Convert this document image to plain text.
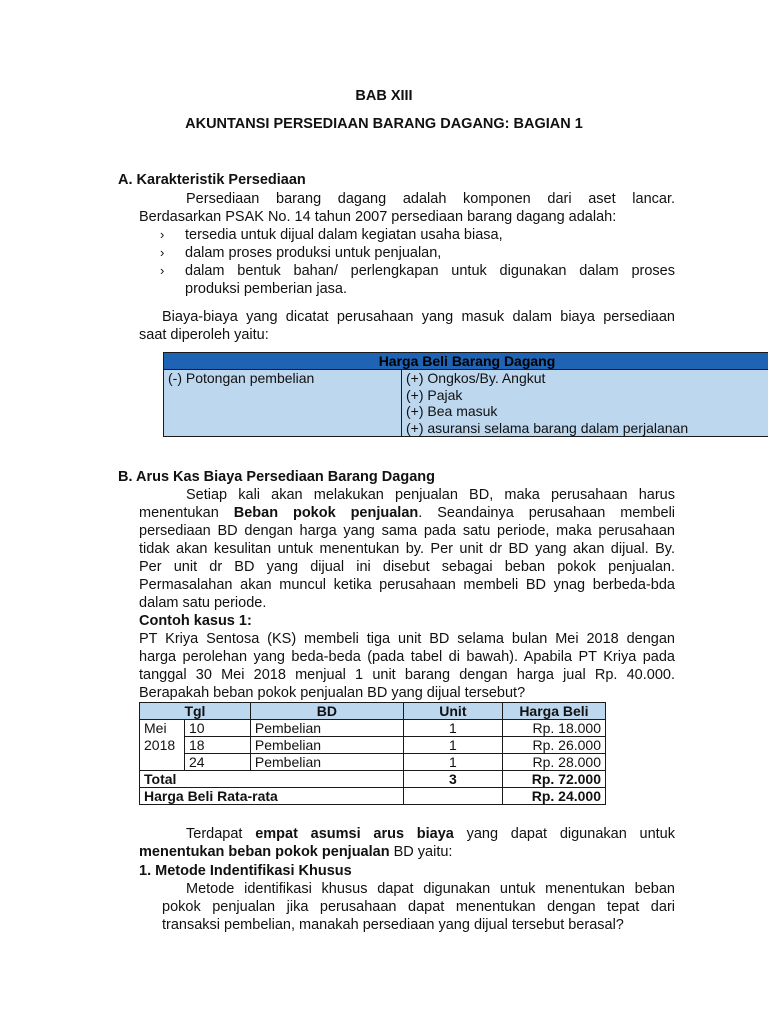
BAB XIII
AKUNTANSI PERSEDIAAN BARANG DAGANG: BAGIAN 1
A. Karakteristik Persediaan
Persediaan barang dagang adalah komponen dari aset lancar.
Berdasarkan PSAK No. 14 tahun 2007 persediaan barang dagang adalah:
› tersedia untuk dijual dalam kegiatan usaha biasa,
› dalam proses produksi untuk penjualan,
› dalam bentuk bahan/ perlengkapan untuk digunakan dalam proses
produksi pemberian jasa.
Biaya-biaya yang dicatat perusahaan yang masuk dalam biaya persediaan
saat diperoleh yaitu:
Harga Beli Barang Dagang
(-) Potongan pembelian	(+) Ongkos/By. Angkut
(+) Pajak
(+) Bea masuk
(+) asuransi selama barang dalam perjalanan
B. Arus Kas Biaya Persediaan Barang Dagang
Setiap kali akan melakukan penjualan BD, maka perusahaan harus
menentukan Beban pokok penjualan. Seandainya perusahaan membeli
persediaan BD dengan harga yang sama pada satu periode, maka perusahaan
tidak akan kesulitan untuk menentukan by. Per unit dr BD yang akan dijual. By.
Per unit dr BD yang dijual ini disebut sebagai beban pokok penjualan.
Permasalahan akan muncul ketika perusahaan membeli BD ynag berbeda-bda
dalam satu periode.
Contoh kasus 1:
PT Kriya Sentosa (KS) membeli tiga unit BD selama bulan Mei 2018 dengan
harga perolehan yang beda-beda (pada tabel di bawah). Apabila PT Kriya pada
tanggal 30 Mei 2018 menjual 1 unit barang dengan harga jual Rp. 40.000.
Berapakah beban pokok penjualan BD yang dijual tersebut?
Tgl		BD	Unit	Harga Beli
Mei	10	Pembelian	1	Rp. 18.000
2018	18	Pembelian	1	Rp. 26.000
	24	Pembelian	1	Rp. 28.000
Total			3	Rp. 72.000
Harga Beli Rata-rata				Rp. 24.000
Terdapat empat asumsi arus biaya yang dapat digunakan untuk
menentukan beban pokok penjualan BD yaitu:
1. Metode Indentifikasi Khusus
Metode identifikasi khusus dapat digunakan untuk menentukan beban
pokok penjualan jika perusahaan dapat menentukan dengan tepat dari
transaksi pembelian, manakah persediaan yang dijual tersebut berasal?
